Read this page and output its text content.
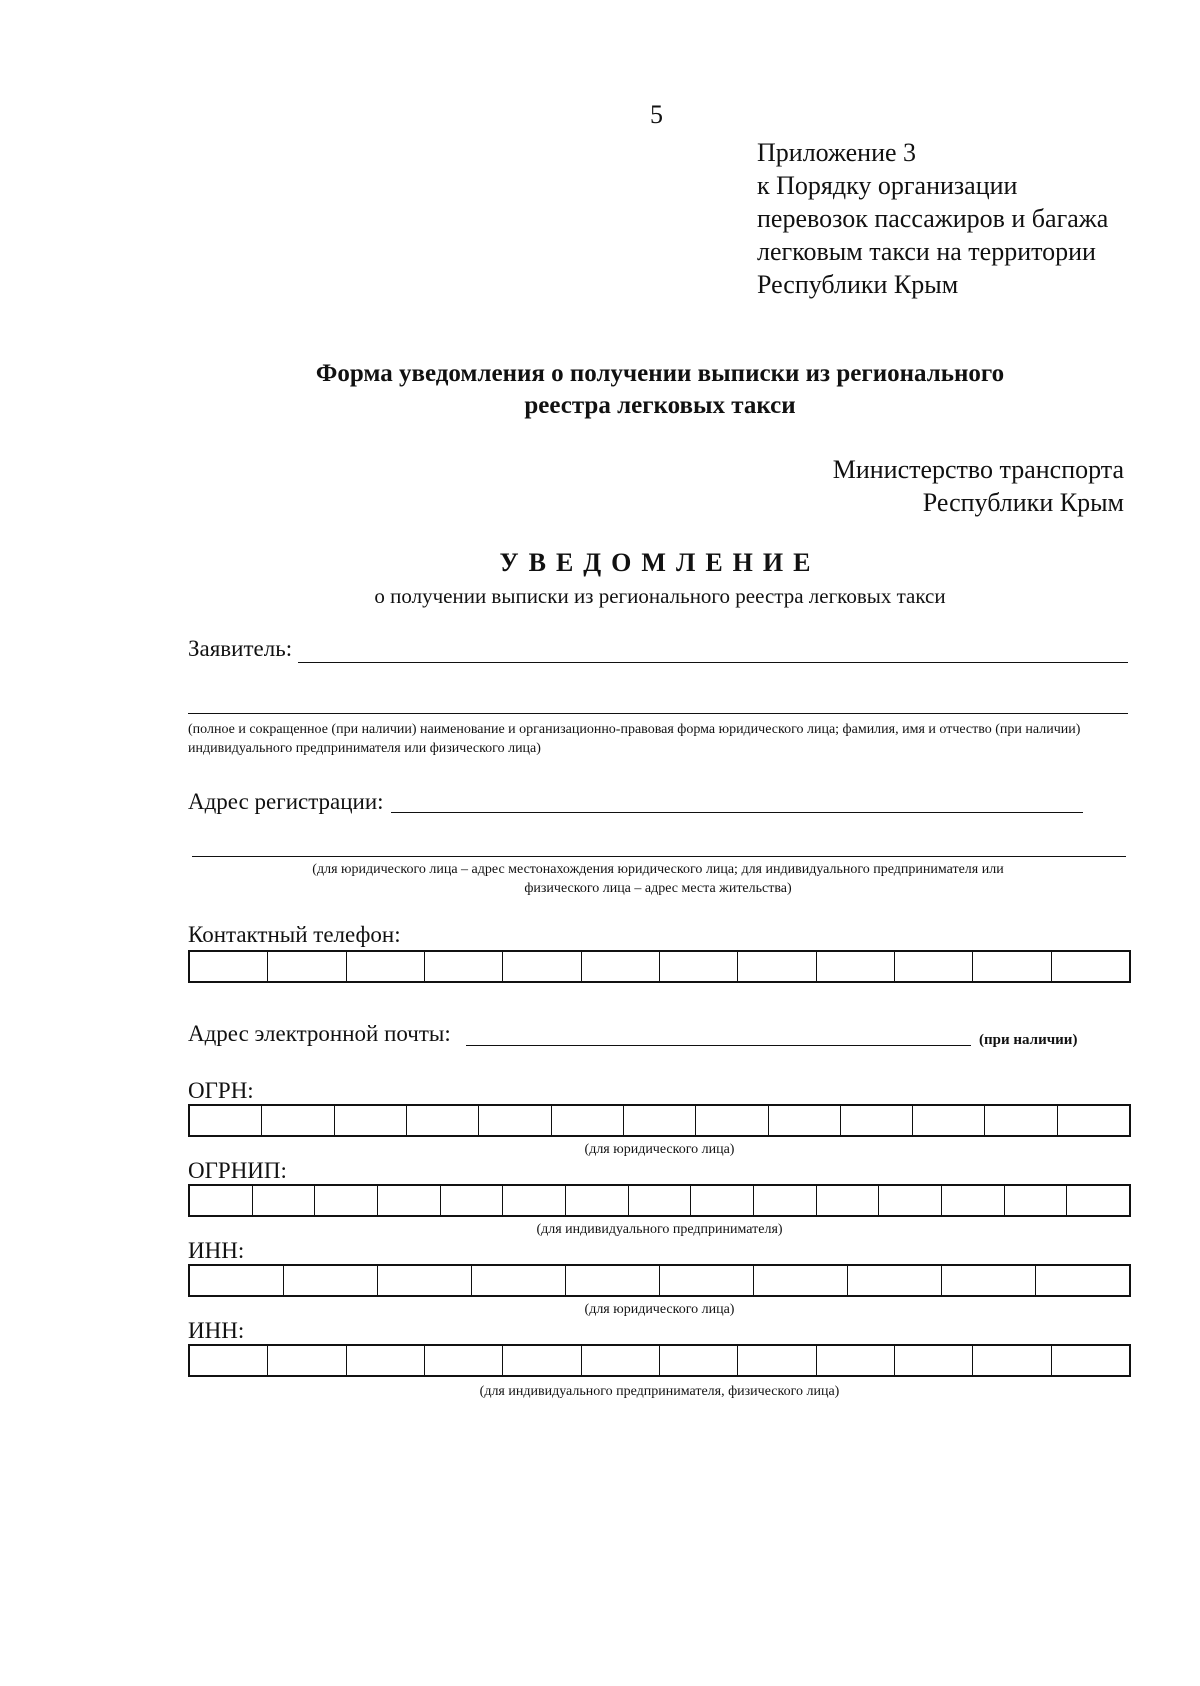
5
Приложение 3
к Порядку организации
перевозок пассажиров и багажа
легковым такси на территории
Республики Крым
Форма уведомления о получении выписки из регионального
реестра легковых такси
Министерство транспорта
Республики Крым
УВЕДОМЛЕНИЕ
о получении выписки из регионального реестра легковых такси
Заявитель:
(полное и сокращенное (при наличии) наименование и организационно-правовая форма юридического лица; фамилия, имя и отчество (при наличии) индивидуального предпринимателя или физического лица)
Адрес регистрации:
(для юридического лица – адрес местонахождения юридического лица; для индивидуального предпринимателя или
физического лица – адрес места жительства)
Контактный телефон:
Адрес электронной почты:	(при наличии)
ОГРН:
(для юридического лица)
ОГРНИП:
(для индивидуального предпринимателя)
ИНН:
(для юридического лица)
ИНН:
(для индивидуального предпринимателя, физического лица)
